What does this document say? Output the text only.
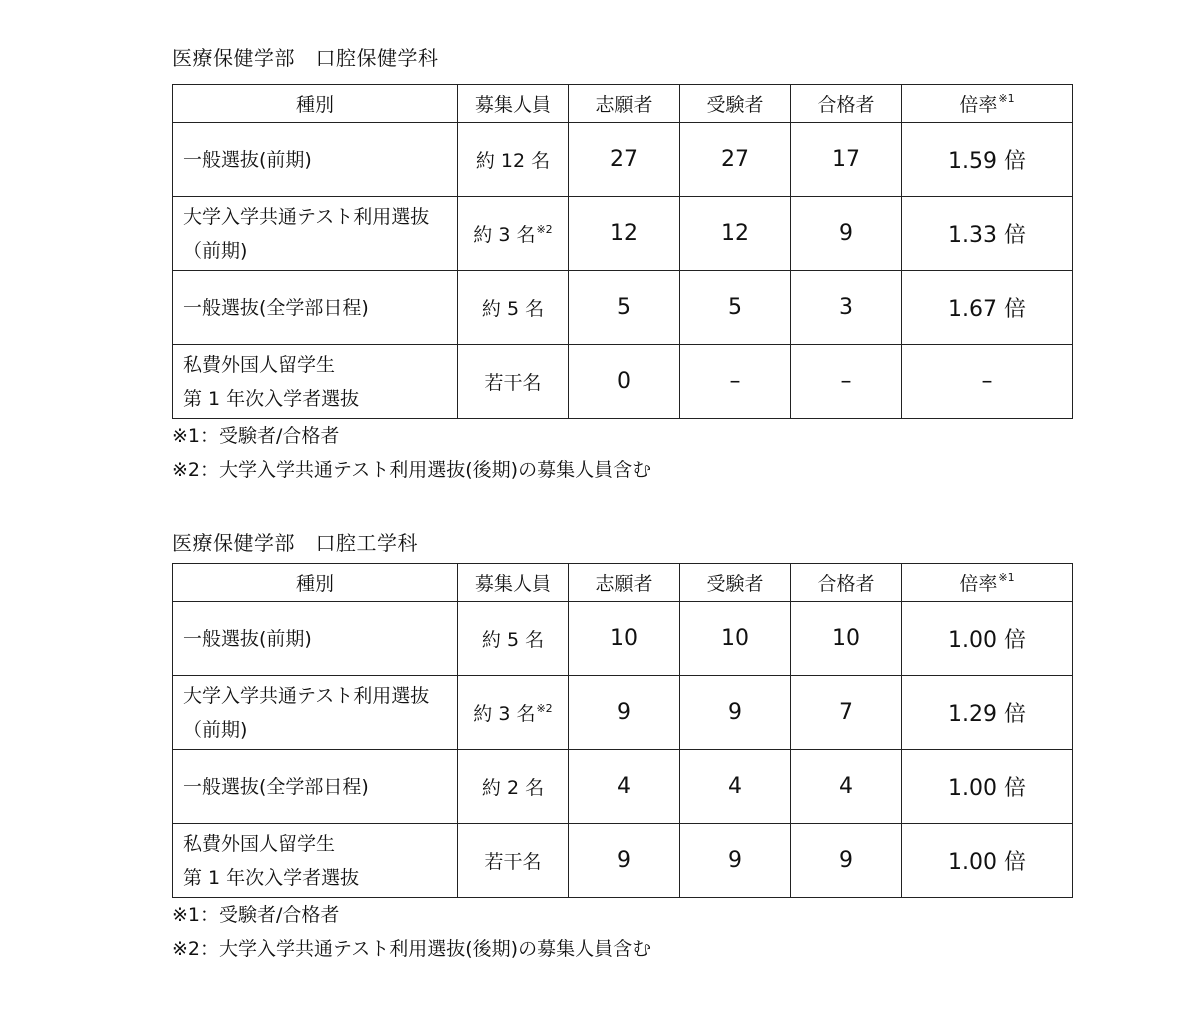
医療保健学部　口腔保健学科
種別	募集人員	志願者	受験者	合格者	倍率$^{※1}$

一般選抜(前期)	約 12 名	27	27	17	1.59 倍

大学入学共通テスト利用選抜
（前期)	約 3 名$^{※2}$	12	12	9	1.33 倍

一般選抜(全学部日程)	約 5 名	5	5	3	1.67 倍

私費外国人留学生
第 1 年次入学者選抜	若干名	0	–	–	–
※1：受験者/合格者
※2：大学入学共通テスト利用選抜(後期)の募集人員含む
医療保健学部　口腔工学科
種別	募集人員	志願者	受験者	合格者	倍率$^{※1}$

一般選抜(前期)	約 5 名	10	10	10	1.00 倍

大学入学共通テスト利用選抜
（前期)	約 3 名$^{※2}$	9	9	7	1.29 倍

一般選抜(全学部日程)	約 2 名	4	4	4	1.00 倍

私費外国人留学生
第 1 年次入学者選抜	若干名	9	9	9	1.00 倍
※1：受験者/合格者
※2：大学入学共通テスト利用選抜(後期)の募集人員含む
